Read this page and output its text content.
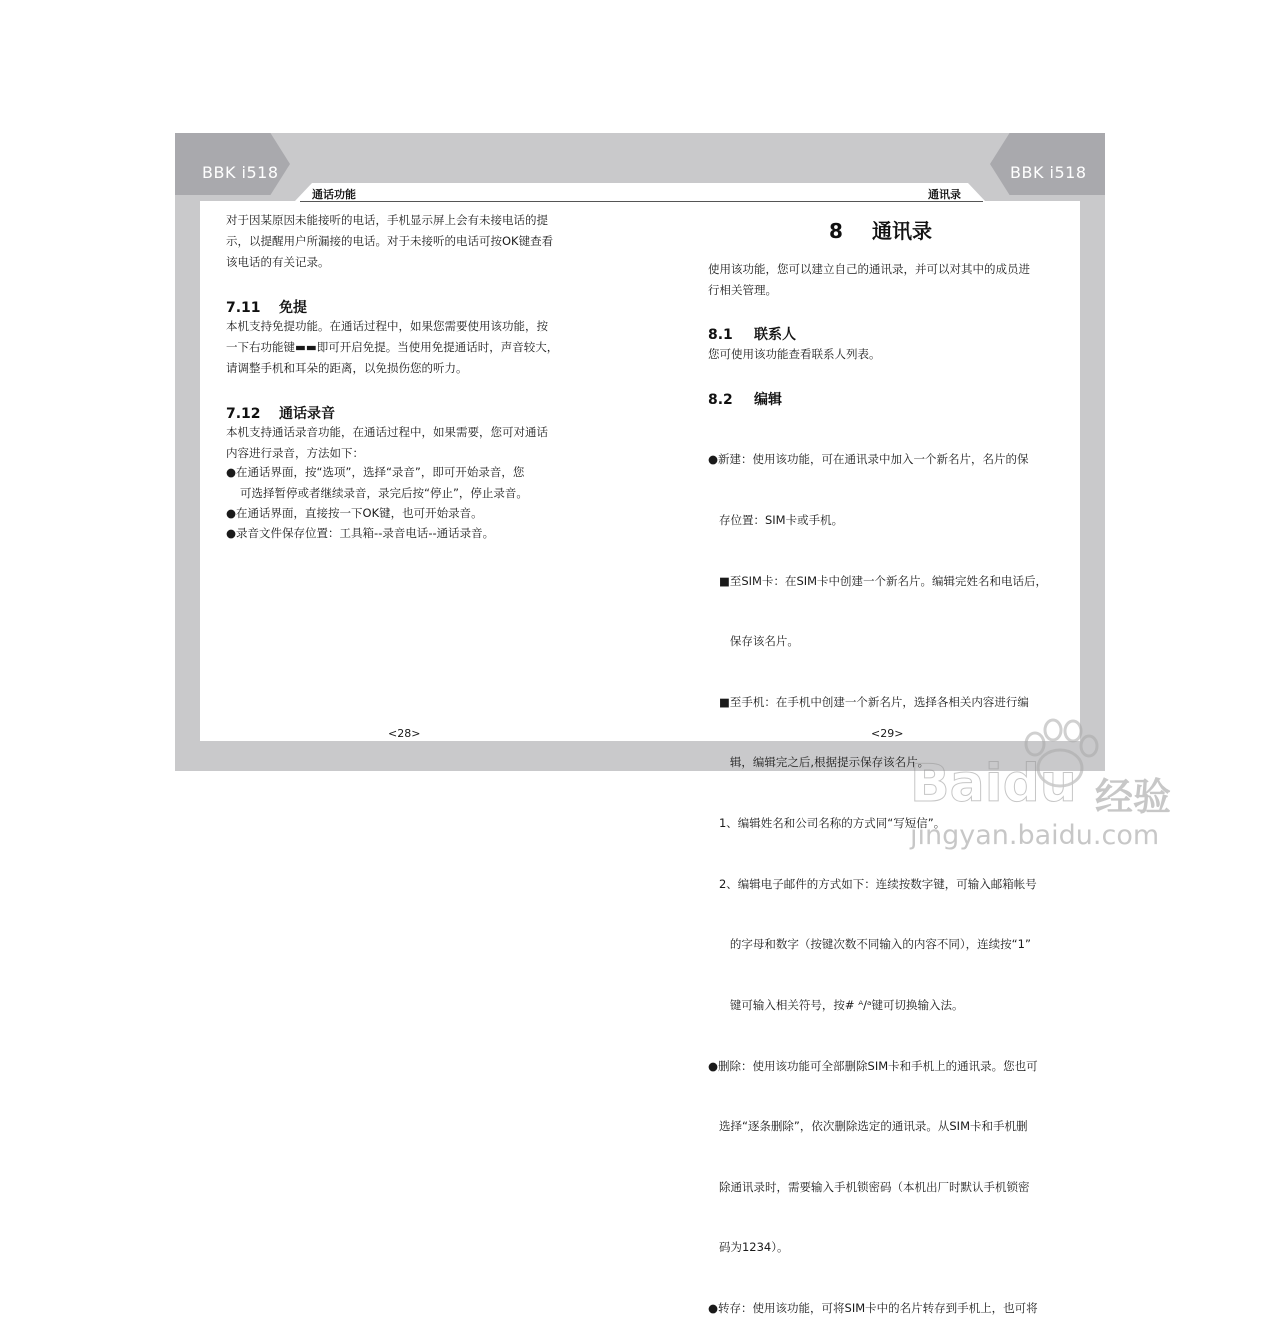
BBK i518	BBK i518
通话功能	通讯录
对于因某原因未能接听的电话，手机显示屏上会有未接电话的提
示，以提醒用户所漏接的电话。对于未接听的电话可按OK键查看
该电话的有关记录。
7.11 免提
本机支持免提功能。在通话过程中，如果您需要使用该功能，按
一下右功能键▬▬即可开启免提。当使用免提通话时，声音较大，
请调整手机和耳朵的距离，以免损伤您的听力。
7.12 通话录音
本机支持通话录音功能，在通话过程中，如果需要，您可对通话
内容进行录音，方法如下：
●在通话界面，按“选项”，选择“录音”，即可开始录音，您
可选择暂停或者继续录音，录完后按“停止”，停止录音。
●在通话界面，直接按一下OK键，也可开始录音。
●录音文件保存位置：工具箱--录音电话--通话录音。
<28>
8 通讯录
使用该功能，您可以建立自己的通讯录，并可以对其中的成员进
行相关管理。
8.1 联系人
您可使用该功能查看联系人列表。
8.2 编辑

●新建：使用该功能，可在通讯录中加入一个新名片，名片的保

存位置：SIM卡或手机。

■至SIM卡：在SIM卡中创建一个新名片。编辑完姓名和电话后，

保存该名片。

■至手机：在手机中创建一个新名片，选择各相关内容进行编

辑，编辑完之后,根据提示保存该名片。

1、编辑姓名和公司名称的方式同“写短信”。

2、编辑电子邮件的方式如下：连续按数字键，可输入邮箱帐号

的字母和数字（按键次数不同输入的内容不同），连续按“1”

键可输入相关符号，按# ᴬ/ᵃ键可切换输入法。

●删除：使用该功能可全部删除SIM卡和手机上的通讯录。您也可

选择“逐条删除”，依次删除选定的通讯录。从SIM卡和手机删

除通讯录时，需要输入手机锁密码（本机出厂时默认手机锁密

码为1234）。

●转存：使用该功能，可将SIM卡中的名片转存到手机上，也可将

<29>
Baidu 经验
jingyan.baidu.com
